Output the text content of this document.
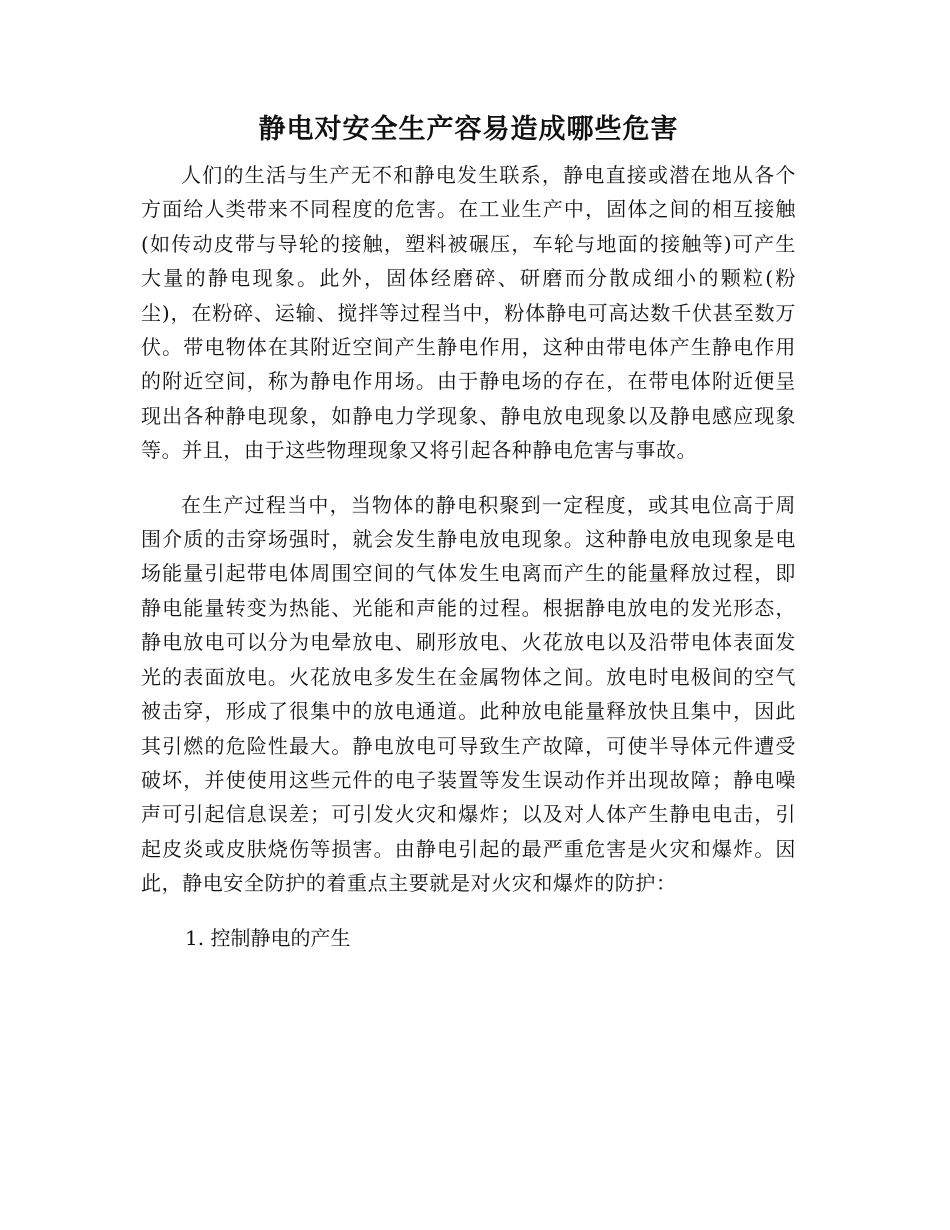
静电对安全生产容易造成哪些危害

人们的生活与生产无不和静电发生联系，静电直接或潜在地从各个方面给人类带来不同程度的危害。在工业生产中，固体之间的相互接触(如传动皮带与导轮的接触，塑料被碾压，车轮与地面的接触等)可产生大量的静电现象。此外，固体经磨碎、研磨而分散成细小的颗粒(粉尘)，在粉碎、运输、搅拌等过程当中，粉体静电可高达数千伏甚至数万伏。带电物体在其附近空间产生静电作用，这种由带电体产生静电作用的附近空间，称为静电作用场。由于静电场的存在，在带电体附近便呈现出各种静电现象，如静电力学现象、静电放电现象以及静电感应现象等。并且，由于这些物理现象又将引起各种静电危害与事故。

在生产过程当中，当物体的静电积聚到一定程度，或其电位高于周围介质的击穿场强时，就会发生静电放电现象。这种静电放电现象是电场能量引起带电体周围空间的气体发生电离而产生的能量释放过程，即静电能量转变为热能、光能和声能的过程。根据静电放电的发光形态，静电放电可以分为电晕放电、刷形放电、火花放电以及沿带电体表面发光的表面放电。火花放电多发生在金属物体之间。放电时电极间的空气被击穿，形成了很集中的放电通道。此种放电能量释放快且集中，因此其引燃的危险性最大。静电放电可导致生产故障，可使半导体元件遭受破坏，并使使用这些元件的电子装置等发生误动作并出现故障；静电噪声可引起信息误差；可引发火灾和爆炸；以及对人体产生静电电击，引起皮炎或皮肤烧伤等损害。由静电引起的最严重危害是火灾和爆炸。因此，静电安全防护的着重点主要就是对火灾和爆炸的防护：

1. 控制静电的产生
